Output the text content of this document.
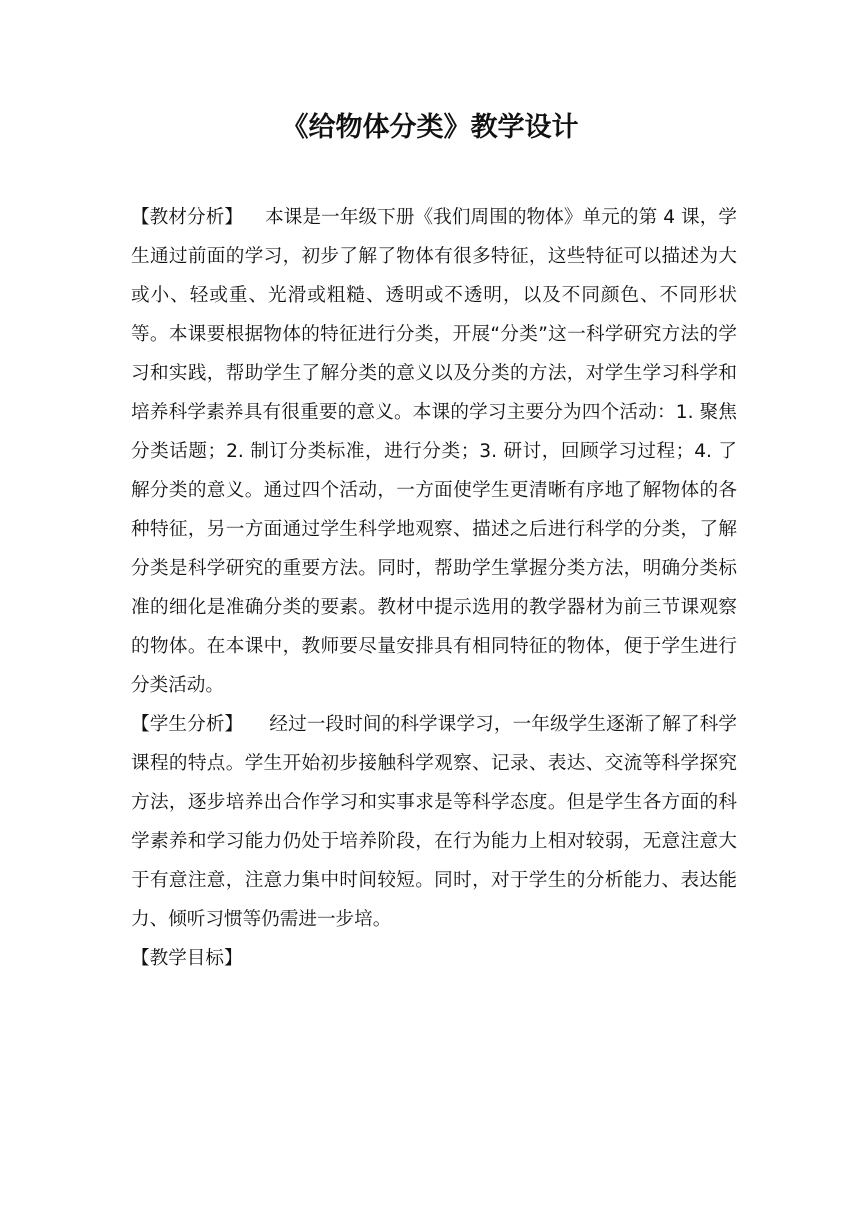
《给物体分类》教学设计

【教材分析】 本课是一年级下册《我们周围的物体》单元的第 4 课，学生通过前面的学习，初步了解了物体有很多特征，这些特征可以描述为大或小、轻或重、光滑或粗糙、透明或不透明，以及不同颜色、不同形状等。本课要根据物体的特征进行分类，开展“分类”这一科学研究方法的学习和实践，帮助学生了解分类的意义以及分类的方法，对学生学习科学和培养科学素养具有很重要的意义。本课的学习主要分为四个活动：1. 聚焦分类话题；2. 制订分类标准，进行分类；3. 研讨，回顾学习过程；4. 了解分类的意义。通过四个活动，一方面使学生更清晰有序地了解物体的各种特征，另一方面通过学生科学地观察、描述之后进行科学的分类，了解分类是科学研究的重要方法。同时，帮助学生掌握分类方法，明确分类标准的细化是准确分类的要素。教材中提示选用的教学器材为前三节课观察的物体。在本课中，教师要尽量安排具有相同特征的物体，便于学生进行分类活动。

【学生分析】 经过一段时间的科学课学习，一年级学生逐渐了解了科学课程的特点。学生开始初步接触科学观察、记录、表达、交流等科学探究方法，逐步培养出合作学习和实事求是等科学态度。但是学生各方面的科学素养和学习能力仍处于培养阶段，在行为能力上相对较弱，无意注意大于有意注意，注意力集中时间较短。同时，对于学生的分析能力、表达能力、倾听习惯等仍需进一步培。

【教学目标】
